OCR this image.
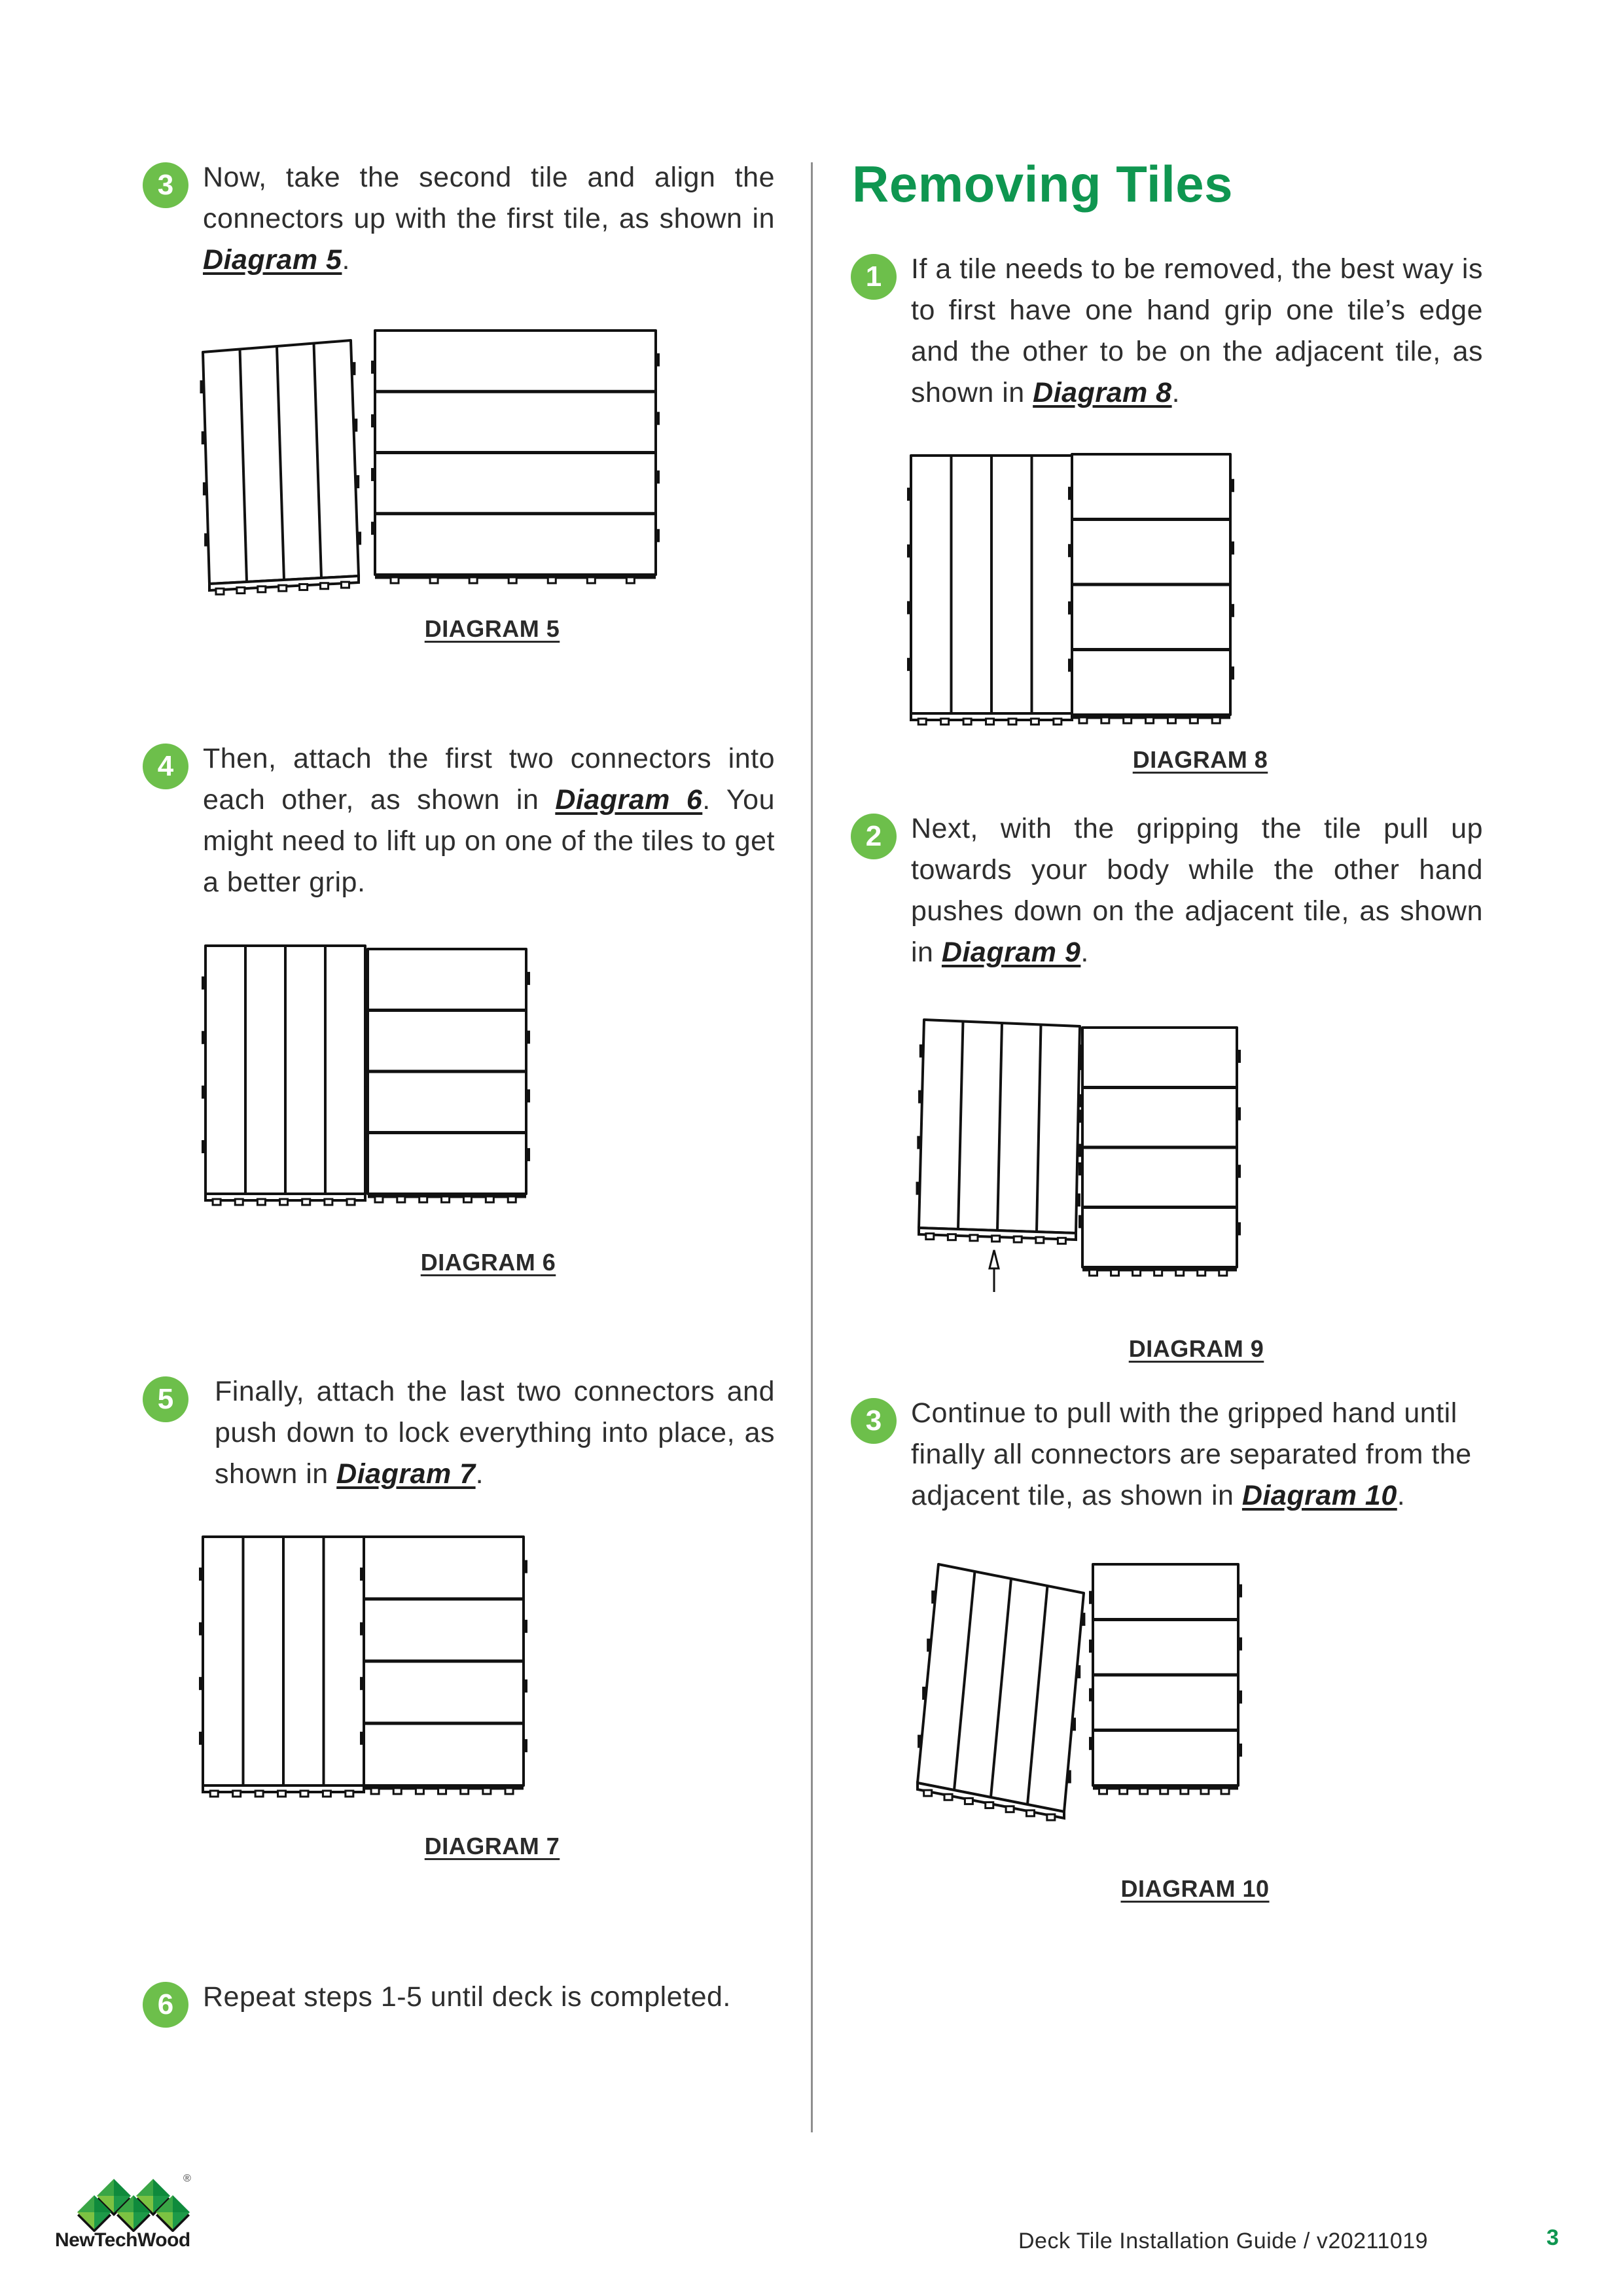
3	Now, take the second tile and align the connectors up with the first tile, as shown in Diagram 5.
DIAGRAM 5
4	Then, attach the first two connectors into each other, as shown in Diagram 6. You might need to lift up on one of the tiles to get a better grip.
DIAGRAM 6
5	Finally, attach the last two connectors and push down to lock everything into place, as shown in Diagram 7.
DIAGRAM 7
6	Repeat steps 1-5 until deck is completed.
Removing Tiles
1	If a tile needs to be removed, the best way is to first have one hand grip one tile’s edge and the other to be on the adjacent tile, as shown in Diagram 8.
DIAGRAM 8
2	Next, with the gripping the tile pull up towards your body while the other hand pushes down on the adjacent tile, as shown in Diagram 9.
DIAGRAM 9
3	Continue to pull with the gripped hand until finally all connectors are separated from the adjacent tile, as shown in Diagram 10.
DIAGRAM 10
®
NewTechWood	Deck Tile Installation Guide / v20211019	3
